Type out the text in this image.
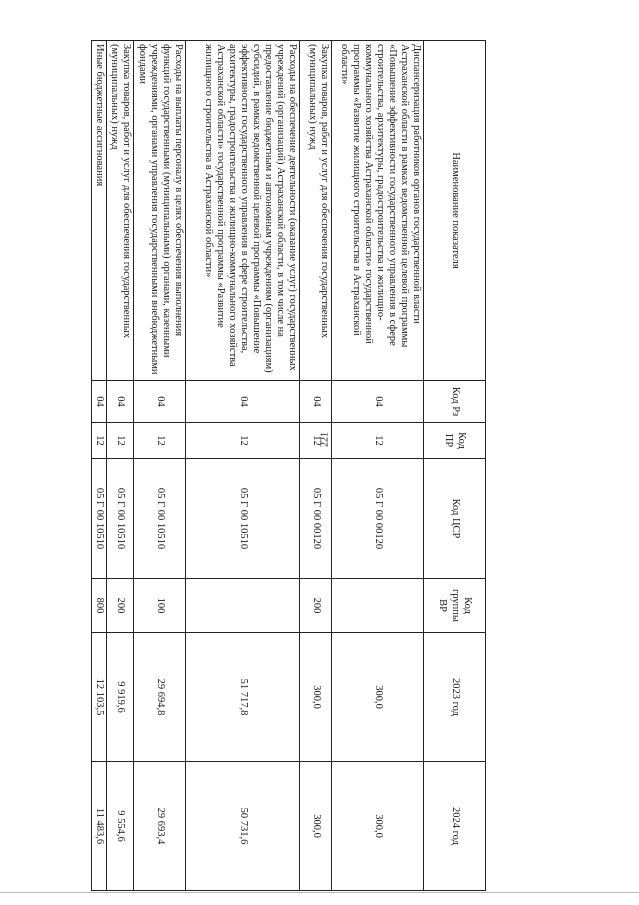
221
Наименование показателя	Код Рз	Код ПР	Код ЦСР	Код группы ВР	2023 год	2024 год
Диспансеризация работников органов государственной власти Астраханской области в рамках ведомственной целевой программы «Повышение эффективности государственного управления в сфере строительства, архитектуры, градостроительства и жилищно-коммунального хозяйства Астраханской области» государственной программы «Развитие жилищного строительства в Астраханской области»	04	12	05 Г 00 00120		300,0	300,0
Закупка товаров, работ и услуг для обеспечения государственных (муниципальных) нужд	04	12	05 Г 00 00120	200	300,0	300,0
Расходы на обеспечение деятельности (оказание услуг) государственных учреждений (организаций) Астраханской области, в том числе на предоставление бюджетным и автономным учреждениям (организациям) субсидий, в рамках ведомственной целевой программы «Повышение эффективности государственного управления в сфере строительства, архитектуры, градостроительства и жилищно-коммунального хозяйства Астраханской области» государственной программы «Развитие жилищного строительства в Астраханской области»	04	12	05 Г 00 10510		51 717,8	50 731,6
Расходы на выплаты персоналу в целях обеспечения выполнения функций государственными (муниципальными) органами, казенными учреждениями, органами управления государственными внебюджетными фондами	04	12	05 Г 00 10510	100	29 694,8	29 693,4
Закупка товаров, работ и услуг для обеспечения государственных (муниципальных) нужд	04	12	05 Г 00 10510	200	9 919,6	9 554,6
Иные бюджетные ассигнования	04	12	05 Г 00 10510	800	12 103,5	11 483,6
